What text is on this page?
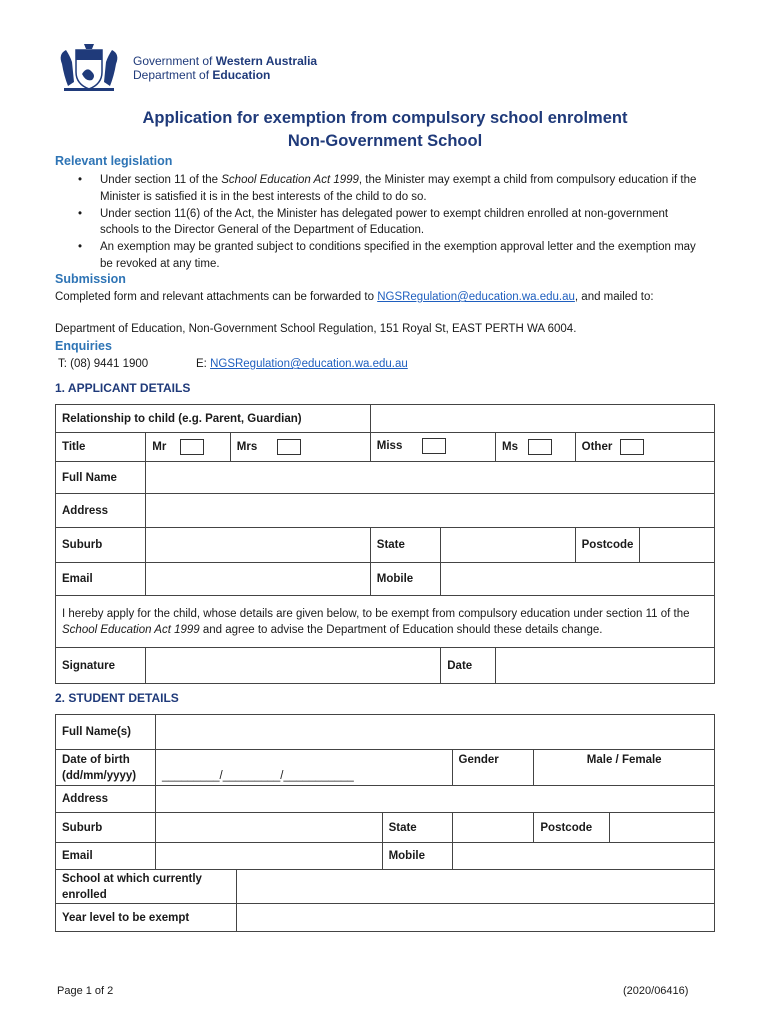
Government of Western Australia
Department of Education
Application for exemption from compulsory school enrolment
Non-Government School
Relevant legislation
• Under section 11 of the School Education Act 1999, the Minister may exempt a child from compulsory education if the Minister is satisfied it is in the best interests of the child to do so.
• Under section 11(6) of the Act, the Minister has delegated power to exempt children enrolled at non-government schools to the Director General of the Department of Education.
• An exemption may be granted subject to conditions specified in the exemption approval letter and the exemption may be revoked at any time.
Submission
Completed form and relevant attachments can be forwarded to NGSRegulation@education.wa.edu.au, and mailed to:
Department of Education, Non-Government School Regulation, 151 Royal St, EAST PERTH WA 6004.
Enquiries
T: (08) 9441 1900	E: NGSRegulation@education.wa.edu.au
1. APPLICANT DETAILS
Relationship to child (e.g. Parent, Guardian)							
Title	Mr	Mrs	Miss		Ms	Other	
Full Name							
Address							
Suburb			State			Postcode	
Email			Mobile				
I hereby apply for the child, whose details are given below, to be exempt from compulsory education under section 11 of the School Education Act 1999 and agree to advise the Department of Education should these details change.							
Signature				Date			
2. STUDENT DETAILS
Full Name(s)						

Date of birth
(dd/mm/yyyy)	_________/_________/___________			Gender	Male / Female	
Address						
Suburb			State		Postcode	
Email			Mobile			

School at which currently
enrolled						

Year level to be exempt						
Page 1 of 2	(2020/06416)
